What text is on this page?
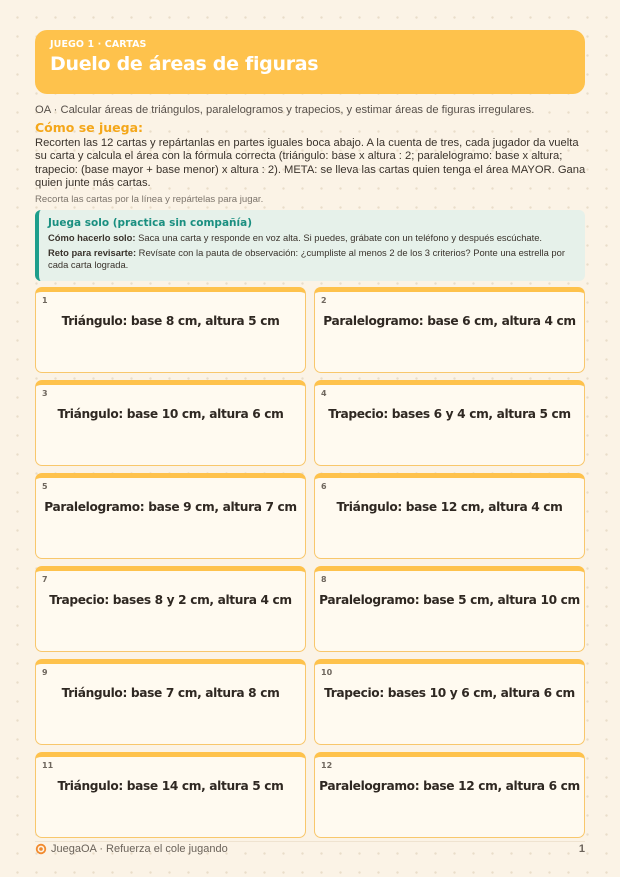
JUEGO 1 · CARTAS
Duelo de áreas de figuras
OA · Calcular áreas de triángulos, paralelogramos y trapecios, y estimar áreas de figuras irregulares.
Cómo se juega:
Recorten las 12 cartas y repártanlas en partes iguales boca abajo. A la cuenta de tres, cada jugador da vuelta su carta y calcula el área con la fórmula correcta (triángulo: base x altura : 2; paralelogramo: base x altura; trapecio: (base mayor + base menor) x altura : 2). META: se lleva las cartas quien tenga el área MAYOR. Gana quien junte más cartas.
Recorta las cartas por la línea y repártelas para jugar.
Juega solo (practica sin compañía)
Cómo hacerlo solo: Saca una carta y responde en voz alta. Si puedes, grábate con un teléfono y después escúchate.
Reto para revisarte: Revísate con la pauta de observación: ¿cumpliste al menos 2 de los 3 criterios? Ponte una estrella por cada carta lograda.
1
Triángulo: base 8 cm, altura 5 cm
2
Paralelogramo: base 6 cm, altura 4 cm
3
Triángulo: base 10 cm, altura 6 cm
4
Trapecio: bases 6 y 4 cm, altura 5 cm
5
Paralelogramo: base 9 cm, altura 7 cm
6
Triángulo: base 12 cm, altura 4 cm
7
Trapecio: bases 8 y 2 cm, altura 4 cm
8
Paralelogramo: base 5 cm, altura 10 cm
9
Triángulo: base 7 cm, altura 8 cm
10
Trapecio: bases 10 y 6 cm, altura 6 cm
11
Triángulo: base 14 cm, altura 5 cm
12
Paralelogramo: base 12 cm, altura 6 cm
JuegaOA · Refuerza el cole jugando	1
